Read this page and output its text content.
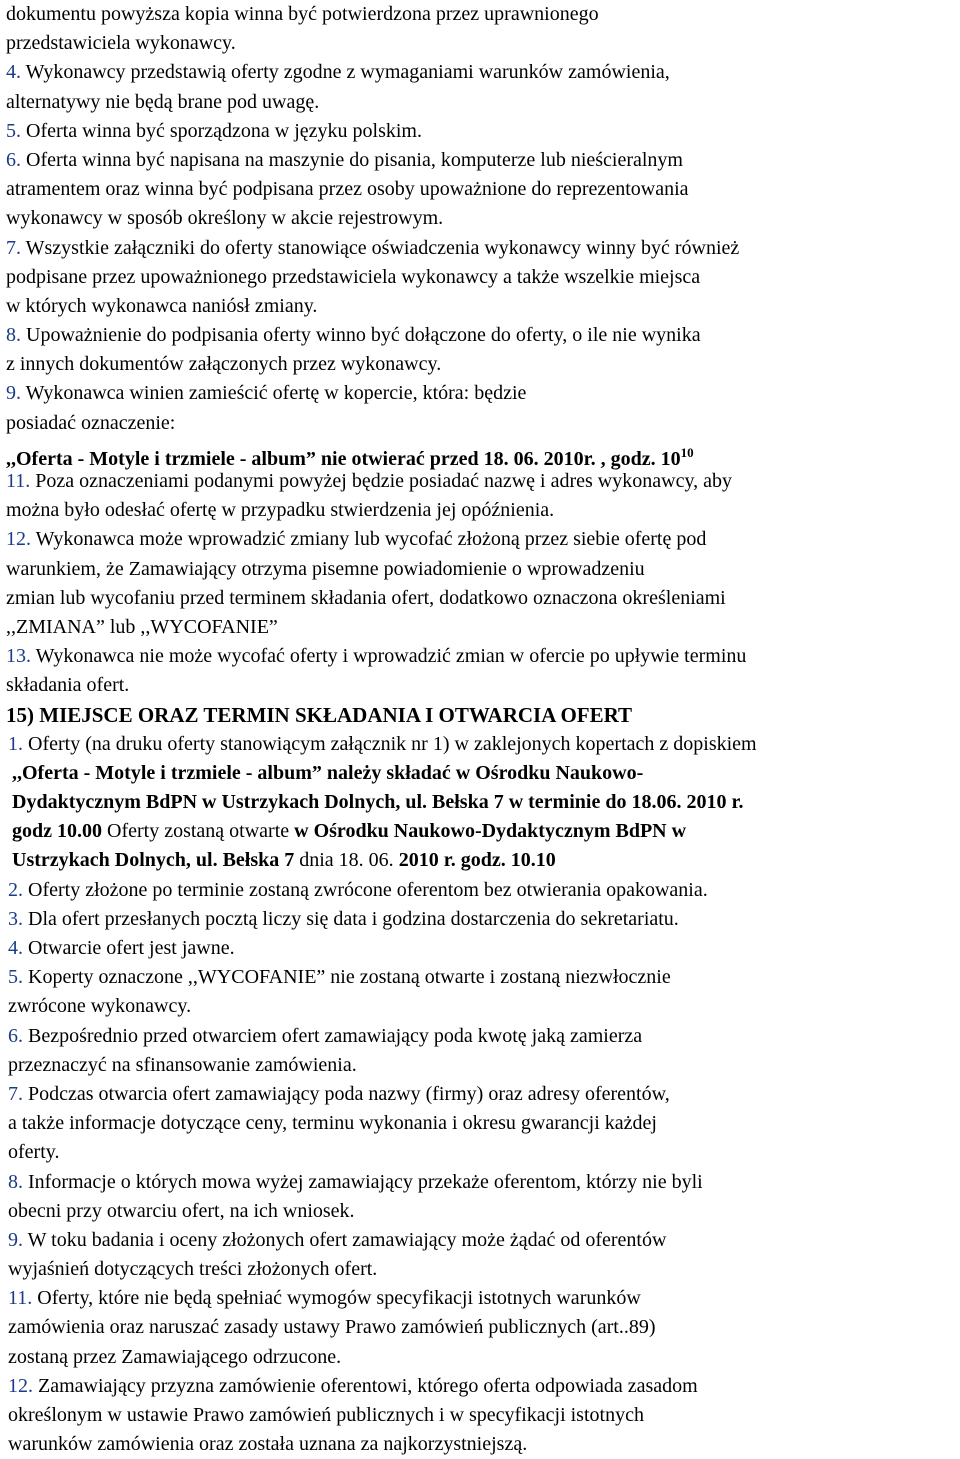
dokumentu powyższa kopia winna być potwierdzona przez uprawnionego
przedstawiciela wykonawcy.
4. Wykonawcy przedstawią oferty zgodne z wymaganiami warunków zamówienia,
alternatywy nie będą brane pod uwagę.
5. Oferta winna być sporządzona w języku polskim.
6. Oferta winna być napisana na maszynie do pisania, komputerze lub nieścieralnym
atramentem oraz winna być podpisana przez osoby upoważnione do reprezentowania
wykonawcy w sposób określony w akcie rejestrowym.
7. Wszystkie załączniki do oferty stanowiące oświadczenia wykonawcy winny być również
podpisane przez upoważnionego przedstawiciela wykonawcy a także wszelkie miejsca
w których wykonawca naniósł zmiany.
8. Upoważnienie do podpisania oferty winno być dołączone do oferty, o ile nie wynika
z innych dokumentów załączonych przez wykonawcy.
9. Wykonawca winien zamieścić ofertę w kopercie, która: będzie
posiadać oznaczenie:
,,Oferta - Motyle i trzmiele - album” nie otwierać przed 18. 06. 2010r. , godz. $10^{10}$
11. Poza oznaczeniami podanymi powyżej będzie posiadać nazwę i adres wykonawcy, aby
można było odesłać ofertę w przypadku stwierdzenia jej opóźnienia.
12. Wykonawca może wprowadzić zmiany lub wycofać złożoną przez siebie ofertę pod
warunkiem, że Zamawiający otrzyma pisemne powiadomienie o wprowadzeniu
zmian lub wycofaniu przed terminem składania ofert, dodatkowo oznaczona określeniami
,,ZMIANA” lub ,,WYCOFANIE”
13. Wykonawca nie może wycofać oferty i wprowadzić zmian w ofercie po upływie terminu
składania ofert.
15) MIEJSCE ORAZ TERMIN SKŁADANIA I OTWARCIA OFERT
1. Oferty (na druku oferty stanowiącym załącznik nr 1) w zaklejonych kopertach z dopiskiem
,,Oferta - Motyle i trzmiele - album” należy składać w Ośrodku Naukowo-
Dydaktycznym BdPN w Ustrzykach Dolnych, ul. Bełska 7 w terminie do 18.06. 2010 r.
godz 10.00 Oferty zostaną otwarte w Ośrodku Naukowo-Dydaktycznym BdPN w
Ustrzykach Dolnych, ul. Bełska 7 dnia 18. 06. 2010 r. godz. 10.10
2. Oferty złożone po terminie zostaną zwrócone oferentom bez otwierania opakowania.
3. Dla ofert przesłanych pocztą liczy się data i godzina dostarczenia do sekretariatu.
4. Otwarcie ofert jest jawne.
5. Koperty oznaczone ,,WYCOFANIE” nie zostaną otwarte i zostaną niezwłocznie
zwrócone wykonawcy.
6. Bezpośrednio przed otwarciem ofert zamawiający poda kwotę jaką zamierza
przeznaczyć na sfinansowanie zamówienia.
7. Podczas otwarcia ofert zamawiający poda nazwy (firmy) oraz adresy oferentów,
a także informacje dotyczące ceny, terminu wykonania i okresu gwarancji każdej
oferty.
8. Informacje o których mowa wyżej zamawiający przekaże oferentom, którzy nie byli
obecni przy otwarciu ofert, na ich wniosek.
9. W toku badania i oceny złożonych ofert zamawiający może żądać od oferentów
wyjaśnień dotyczących treści złożonych ofert.
11. Oferty, które nie będą spełniać wymogów specyfikacji istotnych warunków
zamówienia oraz naruszać zasady ustawy Prawo zamówień publicznych (art..89)
zostaną przez Zamawiającego odrzucone.
12. Zamawiający przyzna zamówienie oferentowi, którego oferta odpowiada zasadom
określonym w ustawie Prawo zamówień publicznych i w specyfikacji istotnych
warunków zamówienia oraz została uznana za najkorzystniejszą.
